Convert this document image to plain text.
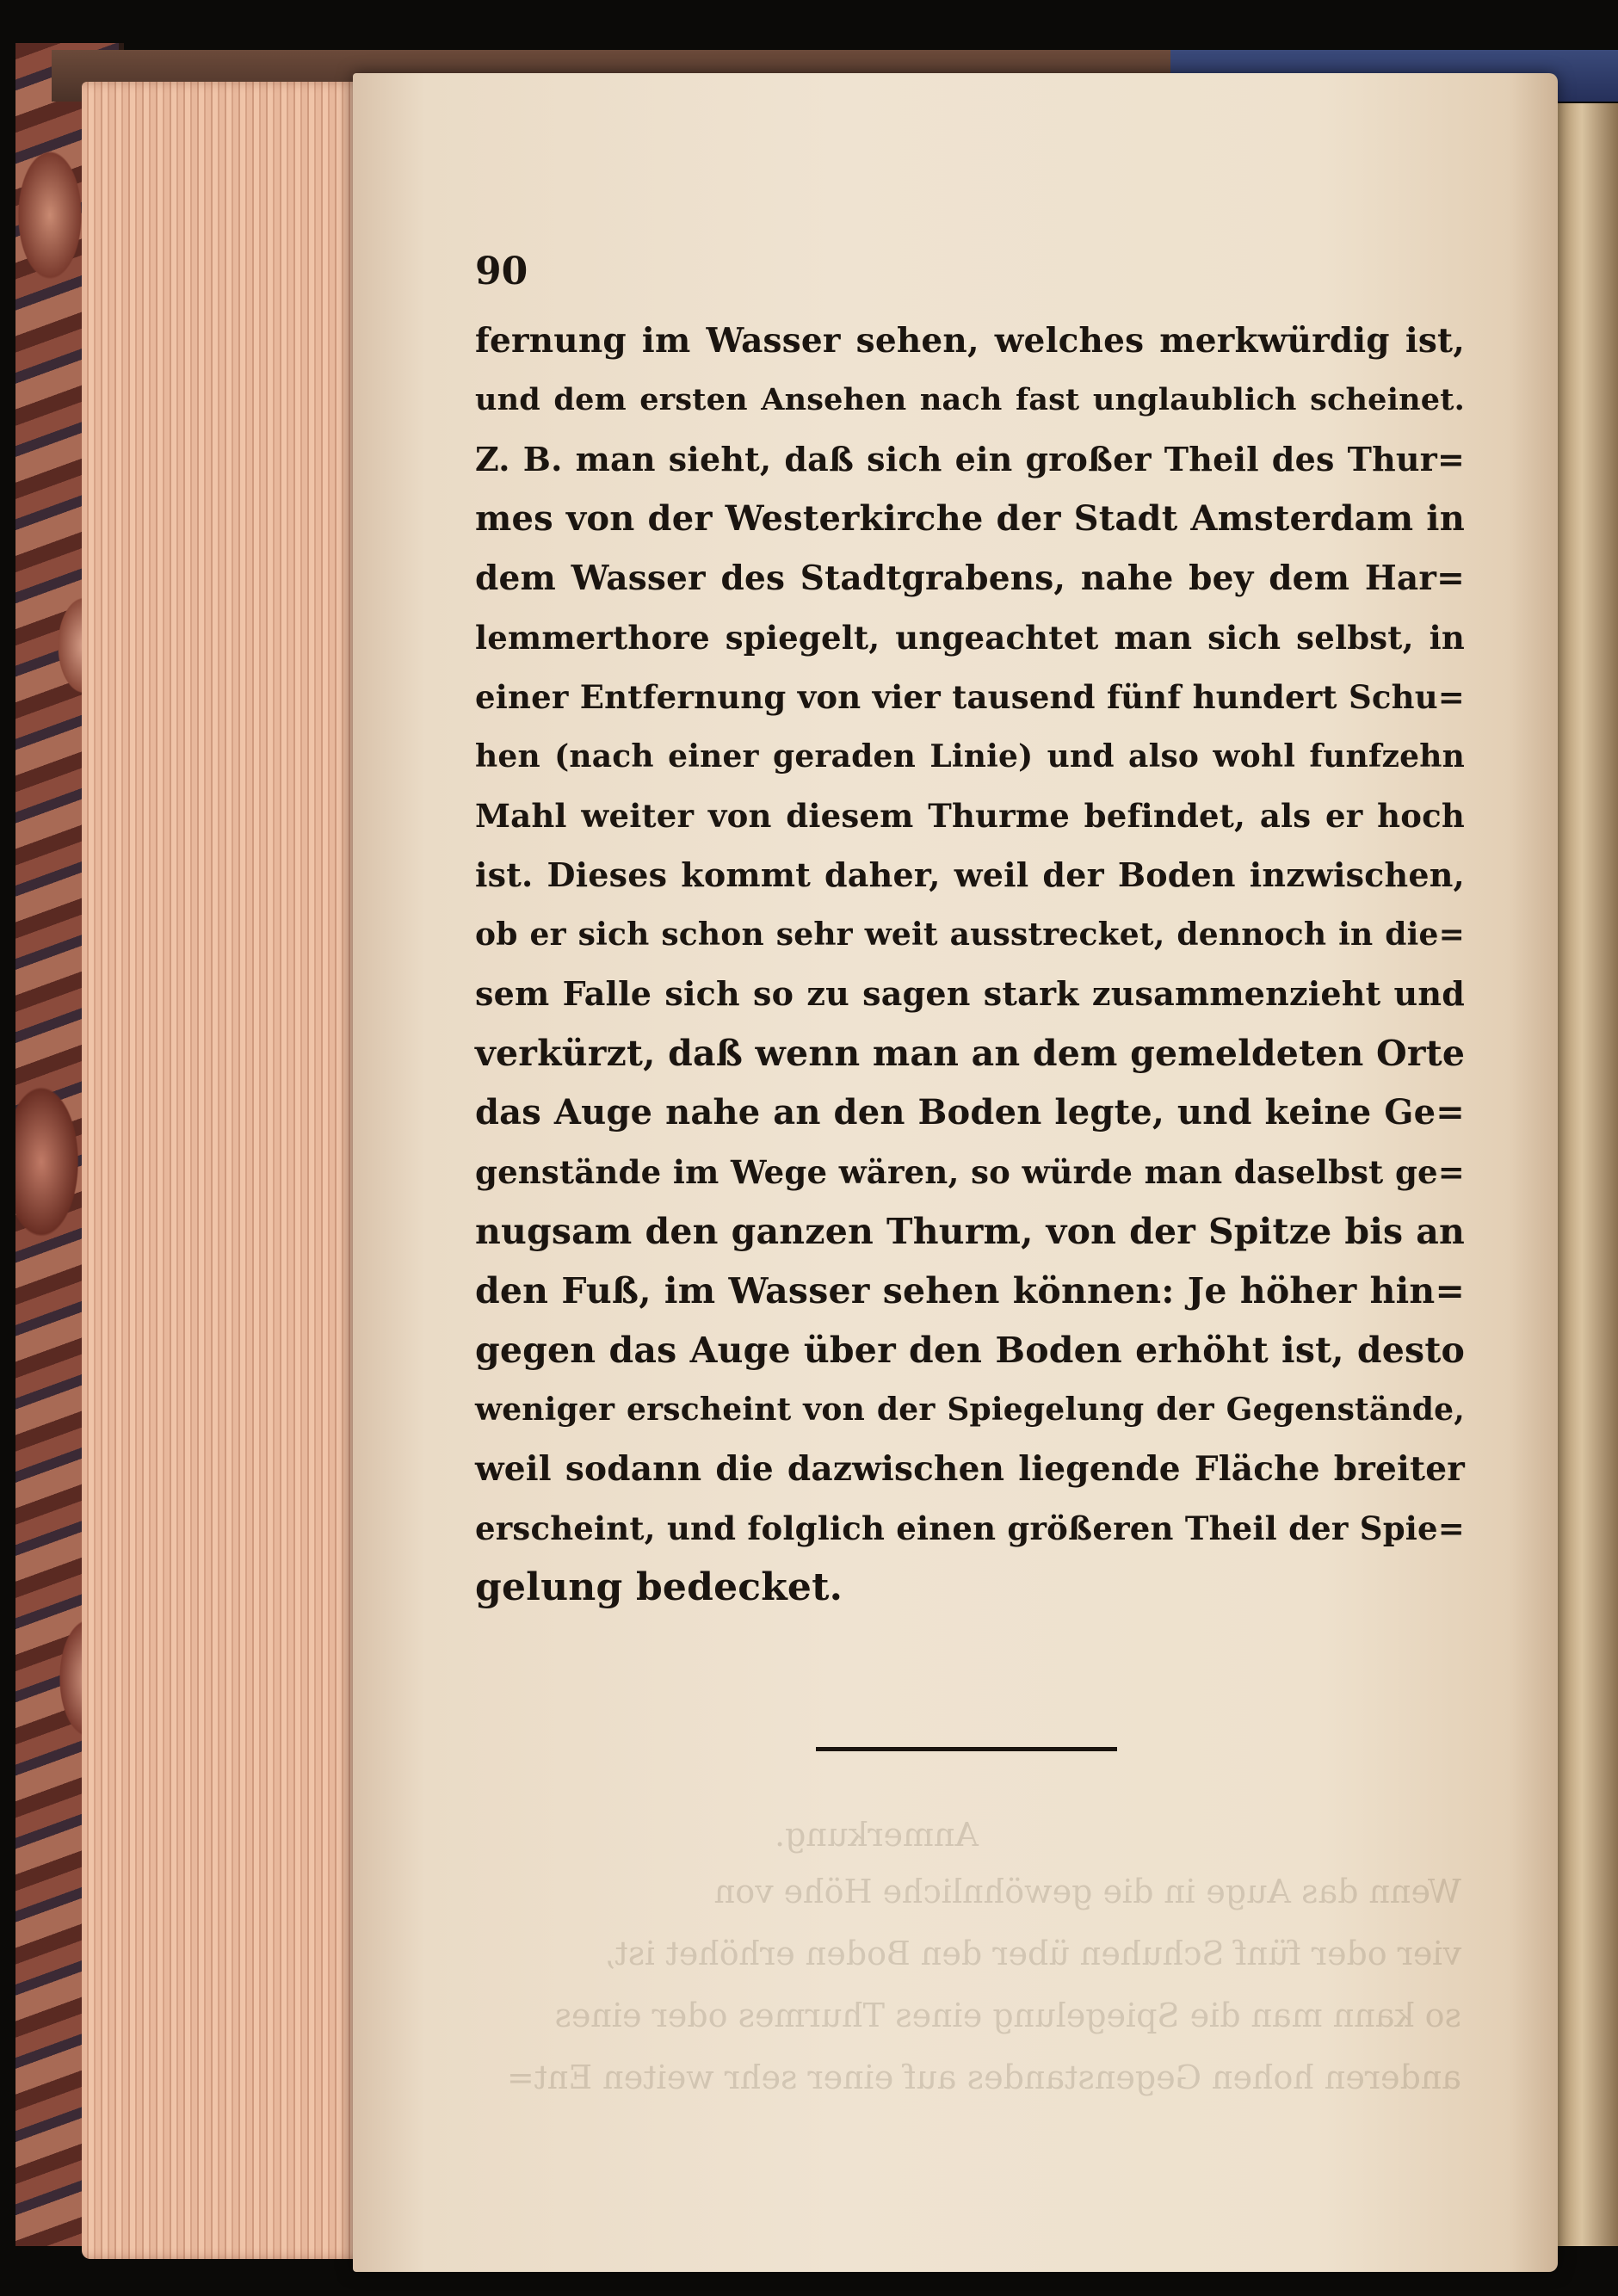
Anmerkung.
Wenn das Auge in die gewöhnliche Höhe von
vier oder fünf Schuhen über den Boden erhöhet ist,
so kann man die Spiegelung eines Thurmes oder eines
anderen hohen Gegenstandes auf einer sehr weiten Ent=
90
fernung im Wasser sehen, welches merkwürdig ist,
und dem ersten Ansehen nach fast unglaublich scheinet.
Z. B. man sieht, daß sich ein großer Theil des Thur=
mes von der Westerkirche der Stadt Amsterdam in
dem Wasser des Stadtgrabens, nahe bey dem Har=
lemmerthore spiegelt, ungeachtet man sich selbst, in
einer Entfernung von vier tausend fünf hundert Schu=
hen (nach einer geraden Linie) und also wohl funfzehn
Mahl weiter von diesem Thurme befindet, als er hoch
ist. Dieses kommt daher, weil der Boden inzwischen,
ob er sich schon sehr weit ausstrecket, dennoch in die=
sem Falle sich so zu sagen stark zusammenzieht und
verkürzt, daß wenn man an dem gemeldeten Orte
das Auge nahe an den Boden legte, und keine Ge=
genstände im Wege wären, so würde man daselbst ge=
nugsam den ganzen Thurm, von der Spitze bis an
den Fuß, im Wasser sehen können: Je höher hin=
gegen das Auge über den Boden erhöht ist, desto
weniger erscheint von der Spiegelung der Gegenstände,
weil sodann die dazwischen liegende Fläche breiter
erscheint, und folglich einen größeren Theil der Spie=
gelung bedecket.
